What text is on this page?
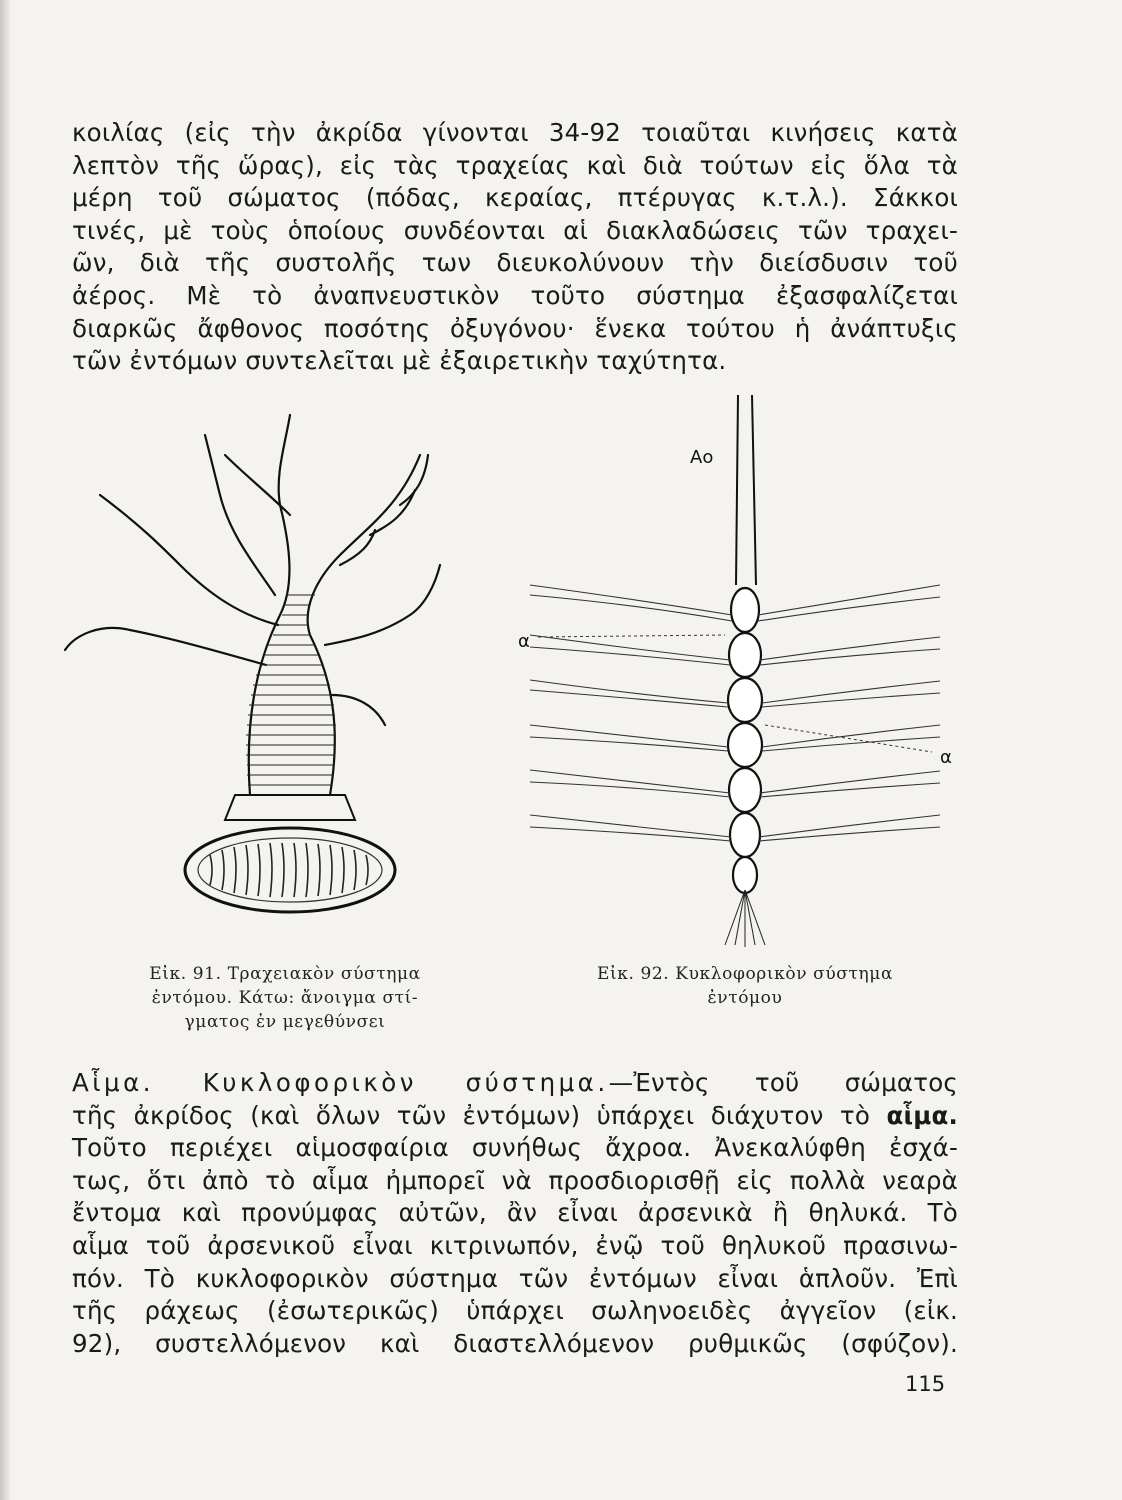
κοιλίας (εἰς τὴν ἀκρίδα γίνονται 34-92 τοιαῦται κινήσεις κατὰ
λεπτὸν τῆς ὥρας), εἰς τὰς τραχείας καὶ διὰ τούτων εἰς ὅλα τὰ
μέρη τοῦ σώματος (πόδας, κεραίας, πτέρυγας κ.τ.λ.). Σάκκοι
τινές, μὲ τοὺς ὁποίους συνδέονται αἱ διακλαδώσεις τῶν τραχει-
ῶν, διὰ τῆς συστολῆς των διευκολύνουν τὴν διείσδυσιν τοῦ
ἀέρος. Μὲ τὸ ἀναπνευστικὸν τοῦτο σύστημα ἐξασφαλίζεται
διαρκῶς ἄφθονος ποσότης ὀξυγόνου· ἕνεκα τούτου ἡ ἀνάπτυξις
τῶν ἐντόμων συντελεῖται μὲ ἐξαιρετικὴν ταχύτητα.
Αο
α
α
Εἰκ. 91. Τραχειακὸν σύστημα
ἐντόμου. Κάτω: ἄνοιγμα στί-
γματος ἐν μεγεθύνσει
Εἰκ. 92. Κυκλοφορικὸν σύστημα
ἐντόμου
Αἷμα. Κυκλοφορικὸν σύστημα.—Ἐντὸς τοῦ σώματος
τῆς ἀκρίδος (καὶ ὅλων τῶν ἐντόμων) ὑπάρχει διάχυτον τὸ αἷμα.
Τοῦτο περιέχει αἱμοσφαίρια συνήθως ἄχροα. Ἀνεκαλύφθη ἐσχά-
τως, ὅτι ἀπὸ τὸ αἷμα ἠμπορεῖ νὰ προσδιορισθῇ εἰς πολλὰ νεαρὰ
ἔντομα καὶ προνύμφας αὐτῶν, ἂν εἶναι ἀρσενικὰ ἢ θηλυκά. Τὸ
αἷμα τοῦ ἀρσενικοῦ εἶναι κιτρινωπόν, ἐνῷ τοῦ θηλυκοῦ πρασινω-
πόν. Τὸ κυκλοφορικὸν σύστημα τῶν ἐντόμων εἶναι ἁπλοῦν. Ἐπὶ
τῆς ράχεως (ἐσωτερικῶς) ὑπάρχει σωληνοειδὲς ἀγγεῖον (εἰκ.
92), συστελλόμενον καὶ διαστελλόμενον ρυθμικῶς (σφύζον).
115
